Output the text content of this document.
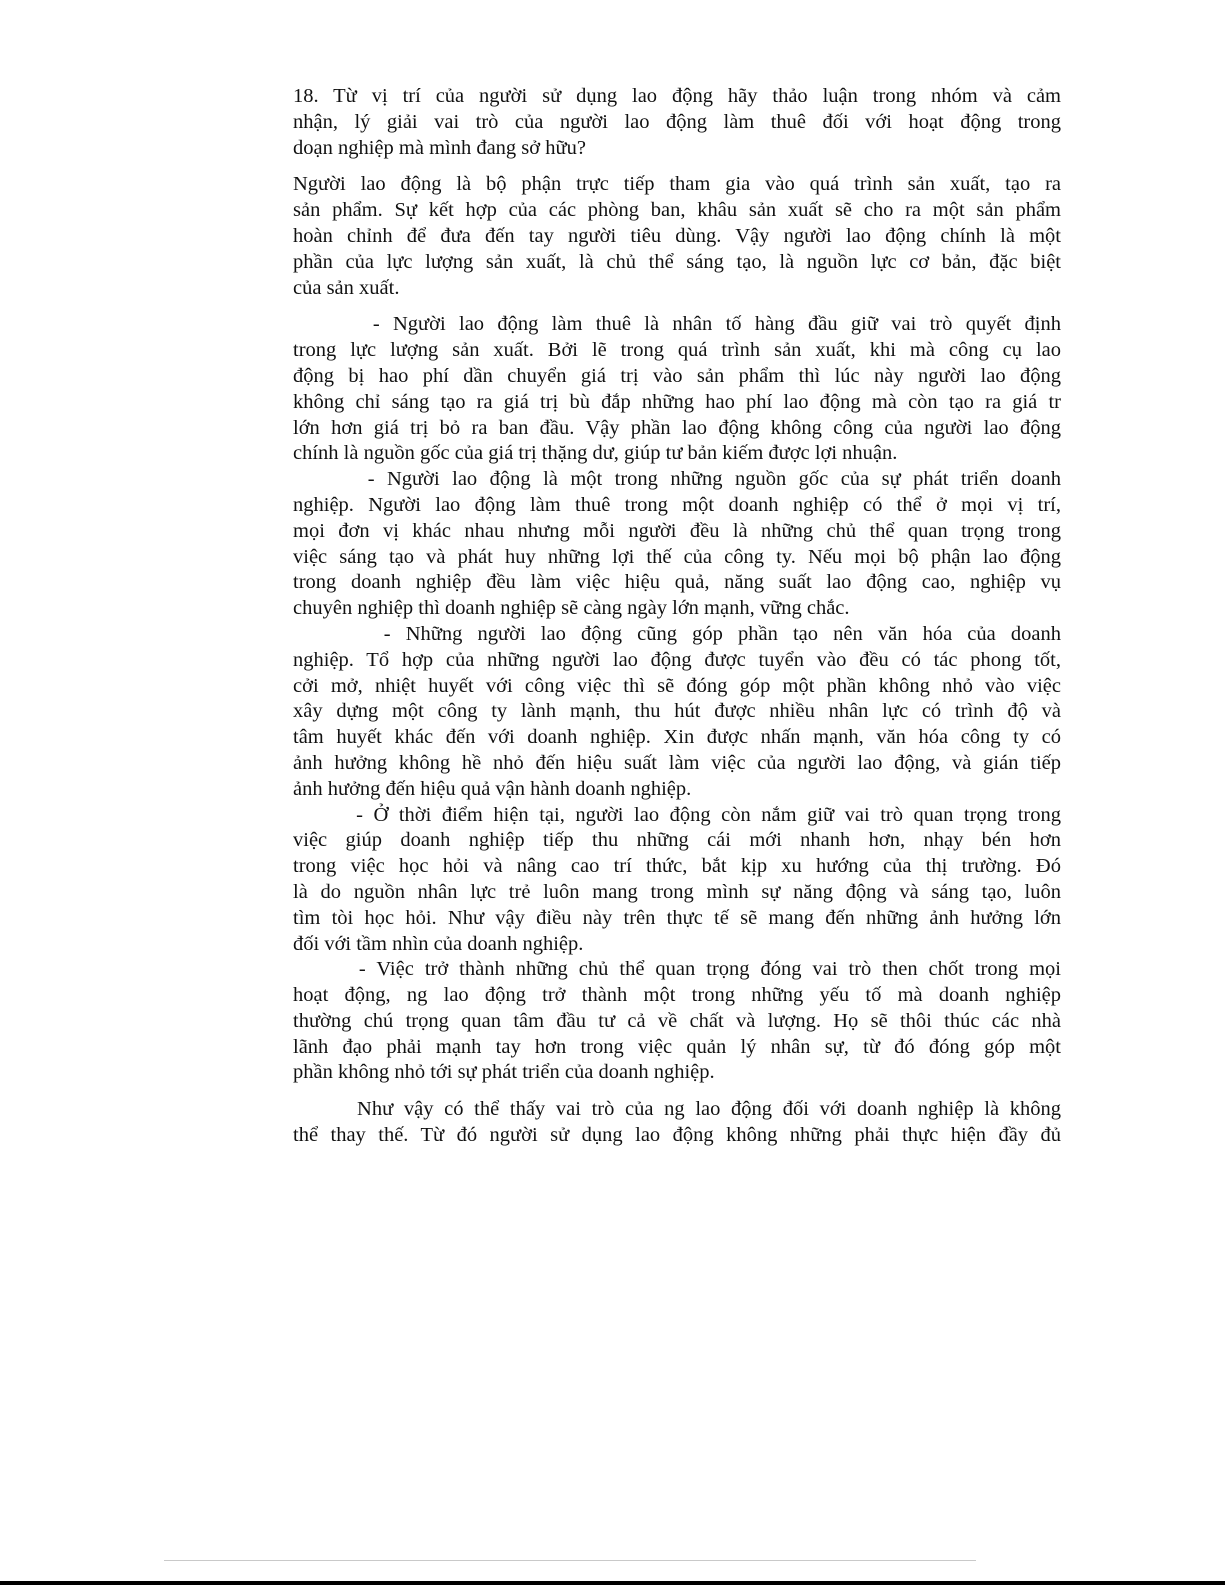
18. Từ vị trí của người sử dụng lao động hãy thảo luận trong nhóm và cảm
nhận, lý giải vai trò của người lao động làm thuê đối với hoạt động trong
doạn nghiệp mà mình đang sở hữu?
Người lao động là bộ phận trực tiếp tham gia vào quá trình sản xuất, tạo ra
sản phẩm. Sự kết hợp của các phòng ban, khâu sản xuất sẽ cho ra một sản phẩm
hoàn chỉnh để đưa đến tay người tiêu dùng. Vậy người lao động chính là một
phần của lực lượng sản xuất, là chủ thể sáng tạo, là nguồn lực cơ bản, đặc biệt
của sản xuất.
- Người lao động làm thuê là nhân tố hàng đầu giữ vai trò quyết định
trong lực lượng sản xuất. Bởi lẽ trong quá trình sản xuất, khi mà công cụ lao
động bị hao phí dần chuyển giá trị vào sản phẩm thì lúc này người lao động
không chỉ sáng tạo ra giá trị bù đắp những hao phí lao động mà còn tạo ra giá tr
lớn hơn giá trị bỏ ra ban đầu. Vậy phần lao động không công của người lao động
chính là nguồn gốc của giá trị thặng dư, giúp tư bản kiếm được lợi nhuận.
- Người lao động là một trong những nguồn gốc của sự phát triển doanh
nghiệp. Người lao động làm thuê trong một doanh nghiệp có thể ở mọi vị trí,
mọi đơn vị khác nhau nhưng mỗi người đều là những chủ thể quan trọng trong
việc sáng tạo và phát huy những lợi thế của công ty. Nếu mọi bộ phận lao động
trong doanh nghiệp đều làm việc hiệu quả, năng suất lao động cao, nghiệp vụ
chuyên nghiệp thì doanh nghiệp sẽ càng ngày lớn mạnh, vững chắc.
- Những người lao động cũng góp phần tạo nên văn hóa của doanh
nghiệp. Tổ hợp của những người lao động được tuyển vào đều có tác phong tốt,
cởi mở, nhiệt huyết với công việc thì sẽ đóng góp một phần không nhỏ vào việc
xây dựng một công ty lành mạnh, thu hút được nhiều nhân lực có trình độ và
tâm huyết khác đến với doanh nghiệp. Xin được nhấn mạnh, văn hóa công ty có
ảnh hưởng không hề nhỏ đến hiệu suất làm việc của người lao động, và gián tiếp
ảnh hưởng đến hiệu quả vận hành doanh nghiệp.
- Ở thời điểm hiện tại, người lao động còn nắm giữ vai trò quan trọng trong
việc giúp doanh nghiệp tiếp thu những cái mới nhanh hơn, nhạy bén hơn
trong việc học hỏi và nâng cao trí thức, bắt kịp xu hướng của thị trường. Đó
là do nguồn nhân lực trẻ luôn mang trong mình sự năng động và sáng tạo, luôn
tìm tòi học hỏi. Như vậy điều này trên thực tế sẽ mang đến những ảnh hưởng lớn
đối với tầm nhìn của doanh nghiệp.
- Việc trở thành những chủ thể quan trọng đóng vai trò then chốt trong mọi
hoạt động, ng lao động trở thành một trong những yếu tố mà doanh nghiệp
thường chú trọng quan tâm đầu tư cả về chất và lượng. Họ sẽ thôi thúc các nhà
lãnh đạo phải mạnh tay hơn trong việc quản lý nhân sự, từ đó đóng góp một
phần không nhỏ tới sự phát triển của doanh nghiệp.
Như vậy có thể thấy vai trò của ng lao động đối với doanh nghiệp là không
thể thay thế. Từ đó người sử dụng lao động không những phải thực hiện đầy đủ
